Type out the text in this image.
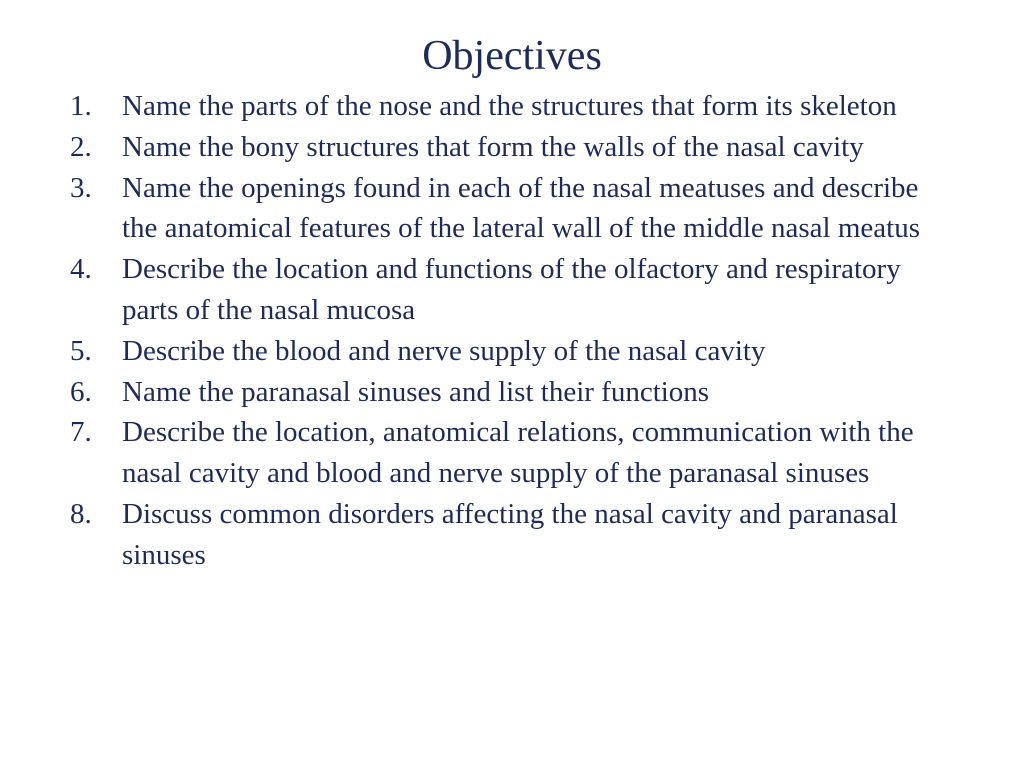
Objectives
1.	Name the parts of the nose and the structures that form its skeleton
2.	Name the bony structures that form the walls of the nasal cavity
3.	Name the openings found in each of the nasal meatuses and describe the anatomical features of the lateral wall of the middle nasal meatus
4.	Describe the location and functions of the olfactory and respiratory parts of the nasal mucosa
5.	Describe the blood and nerve supply of the nasal cavity
6.	Name the paranasal sinuses and list their functions
7.	Describe the location, anatomical relations, communication with the nasal cavity and blood and nerve supply of the paranasal sinuses
8.	Discuss common disorders affecting the nasal cavity and paranasal sinuses
